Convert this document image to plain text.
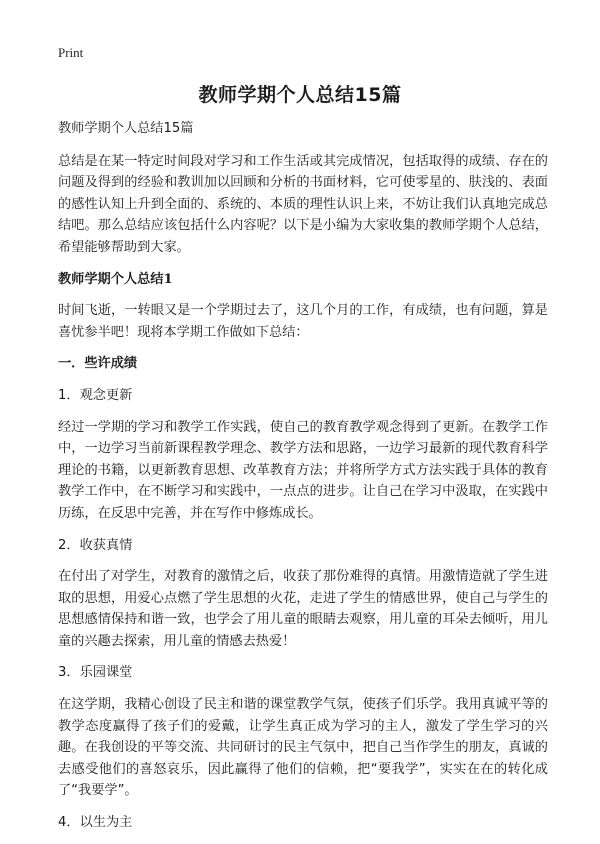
Print
教师学期个人总结15篇

教师学期个人总结15篇

总结是在某一特定时间段对学习和工作生活或其完成情况，包括取得的成绩、存在的问题及得到的经验和教训加以回顾和分析的书面材料，它可使零星的、肤浅的、表面的感性认知上升到全面的、系统的、本质的理性认识上来，不妨让我们认真地完成总结吧。那么总结应该包括什么内容呢？以下是小编为大家收集的教师学期个人总结，希望能够帮助到大家。

教师学期个人总结1

时间飞逝，一转眼又是一个学期过去了，这几个月的工作，有成绩，也有问题，算是喜忧参半吧！现将本学期工作做如下总结：

一．些许成绩

1．观念更新

经过一学期的学习和教学工作实践，使自己的教育教学观念得到了更新。在教学工作中，一边学习当前新课程教学理念、教学方法和思路，一边学习最新的现代教育科学理论的书籍，以更新教育思想、改革教育方法；并将所学方式方法实践于具体的教育教学工作中，在不断学习和实践中，一点点的进步。让自己在学习中汲取，在实践中历练，在反思中完善，并在写作中修炼成长。

2．收获真情

在付出了对学生，对教育的激情之后，收获了那份难得的真情。用激情造就了学生进取的思想，用爱心点燃了学生思想的火花，走进了学生的情感世界，使自己与学生的思想感情保持和谐一致，也学会了用儿童的眼睛去观察，用儿童的耳朵去倾听，用儿童的兴趣去探索，用儿童的情感去热爱！

3．乐园课堂

在这学期，我精心创设了民主和谐的课堂教学气氛，使孩子们乐学。我用真诚平等的教学态度赢得了孩子们的爱戴，让学生真正成为学习的主人，激发了学生学习的兴趣。在我创设的平等交流、共同研讨的民主气氛中，把自己当作学生的朋友，真诚的去感受他们的喜怒哀乐，因此赢得了他们的信赖，把“要我学”，实实在在的转化成了“我要学”。

4．以生为主
